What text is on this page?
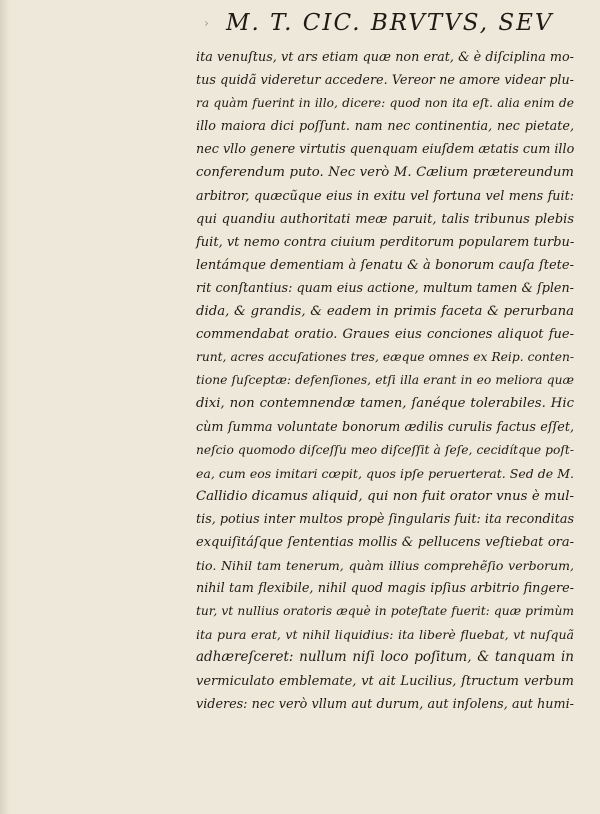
› M. T. CIC. BRVTVS, SEV
ita venuſtus, vt ars etiam quæ non erat, & è diſciplina mo-
tus quidã videretur accedere. Vereor ne amore videar plu-
ra quàm fuerint in illo, dicere: quod non ita eſt. alia enim de
illo maiora dici poſſunt. nam nec continentia, nec pietate,
nec vllo genere virtutis quenquam eiuſdem ætatis cum illo
conferendum puto. Nec verò M. Cælium prætereundum
arbitror, quæcũque eius in exitu vel fortuna vel mens fuit:
qui quandiu authoritati meæ paruit, talis tribunus plebis
fuit, vt nemo contra ciuium perditorum popularem turbu-
lentámque dementiam à ſenatu & à bonorum cauſa ſtete-
rit conſtantius: quam eius actione, multum tamen & ſplen-
dida, & grandis, & eadem in primis faceta & perurbana
commendabat oratio. Graues eius conciones aliquot fue-
runt, acres accuſationes tres, eæque omnes ex Reip. conten-
tione ſuſceptæ: defenſiones, etſi illa erant in eo meliora quæ
dixi, non contemnendæ tamen, ſanéque tolerabiles. Hic
cùm ſumma voluntate bonorum ædilis curulis factus eſſet,
neſcio quomodo diſceſſu meo diſceſſit à ſeſe, cecidítque poſt-
ea, cum eos imitari cœpit, quos ipſe peruerterat. Sed de M.
Callidio dicamus aliquid, qui non fuit orator vnus è mul-
tis, potius inter multos propè ſingularis fuit: ita reconditas
exquiſitáſque ſententias mollis & pellucens veſtiebat ora-
tio. Nihil tam tenerum, quàm illius comprehẽſio verborum,
nihil tam flexibile, nihil quod magis ipſius arbitrio fingere-
tur, vt nullius oratoris æquè in poteſtate fuerit: quæ primùm
ita pura erat, vt nihil liquidius: ita liberè fluebat, vt nuſquã
adhæreſceret: nullum niſi loco poſitum, & tanquam in
vermiculato emblemate, vt ait Lucilius, ſtructum verbum
videres: nec verò vllum aut durum, aut inſolens, aut humi-
